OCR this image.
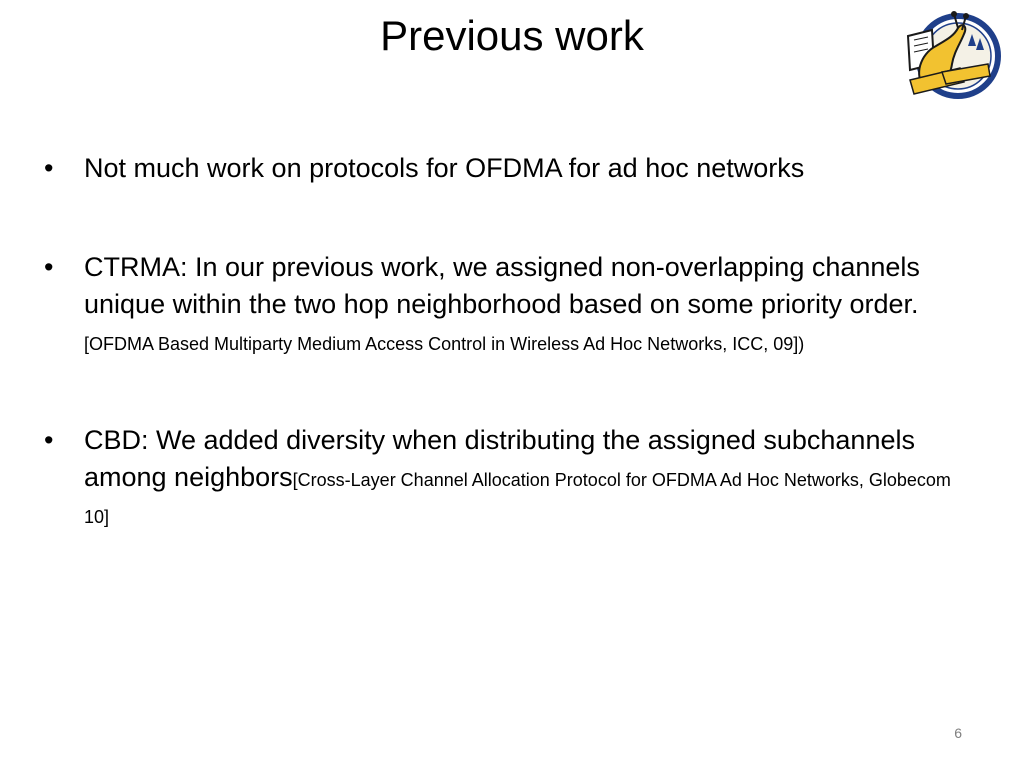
Previous work
• Not much work on protocols for OFDMA for ad hoc networks
• CTRMA: In our previous work, we assigned non-overlapping channels unique within the two hop neighborhood based on some priority order. [OFDMA Based Multiparty Medium Access Control in Wireless Ad Hoc Networks, ICC, 09])
• CBD: We added diversity when distributing the assigned subchannels among neighbors[Cross-Layer Channel Allocation Protocol for OFDMA Ad Hoc Networks, Globecom 10]
6
